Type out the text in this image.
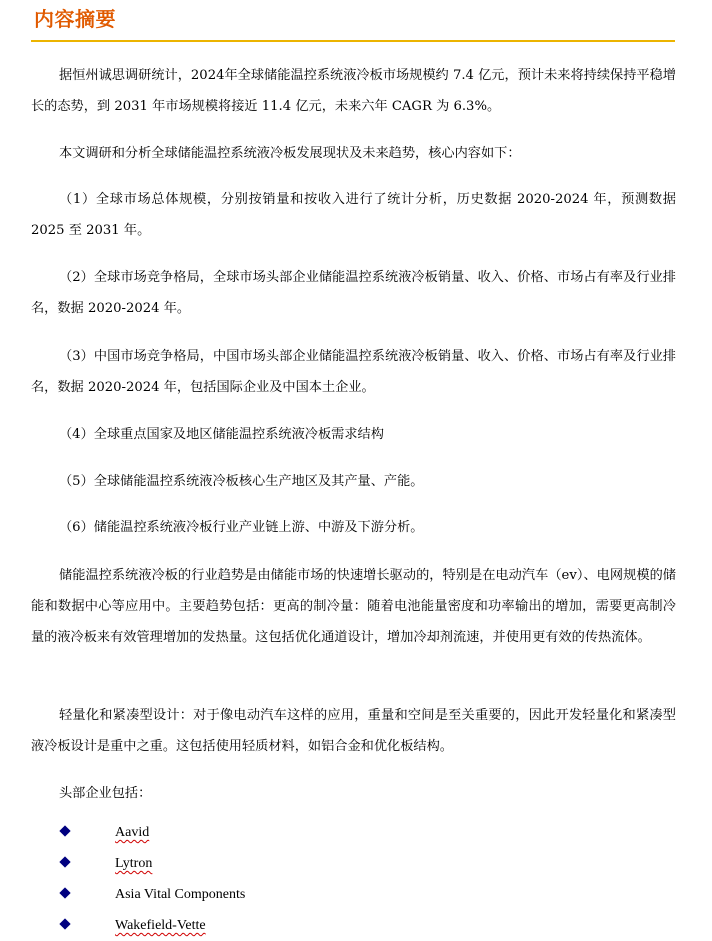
内容摘要

据恒州诚思调研统计，2024年全球储能温控系统液冷板市场规模约 7.4 亿元，预计未来将持续保持平稳增长的态势，到 2031 年市场规模将接近 11.4 亿元，未来六年 CAGR 为 6.3%。

本文调研和分析全球储能温控系统液冷板发展现状及未来趋势，核心内容如下：

（1）全球市场总体规模，分别按销量和按收入进行了统计分析，历史数据 2020-2024 年，预测数据 2025 至 2031 年。

（2）全球市场竞争格局，全球市场头部企业储能温控系统液冷板销量、收入、价格、市场占有率及行业排名，数据 2020-2024 年。

（3）中国市场竞争格局，中国市场头部企业储能温控系统液冷板销量、收入、价格、市场占有率及行业排名，数据 2020-2024 年，包括国际企业及中国本土企业。

（4）全球重点国家及地区储能温控系统液冷板需求结构

（5）全球储能温控系统液冷板核心生产地区及其产量、产能。

（6）储能温控系统液冷板行业产业链上游、中游及下游分析。

储能温控系统液冷板的行业趋势是由储能市场的快速增长驱动的，特别是在电动汽车（ev）、电网规模的储能和数据中心等应用中。主要趋势包括：更高的制冷量：随着电池能量密度和功率输出的增加，需要更高制冷量的液冷板来有效管理增加的发热量。这包括优化通道设计，增加冷却剂流速，并使用更有效的传热流体。

轻量化和紧凑型设计：对于像电动汽车这样的应用，重量和空间是至关重要的，因此开发轻量化和紧凑型液冷板设计是重中之重。这包括使用轻质材料，如铝合金和优化板结构。

头部企业包括：

Aavid
Lytron
Asia Vital Components
Wakefield-Vette
